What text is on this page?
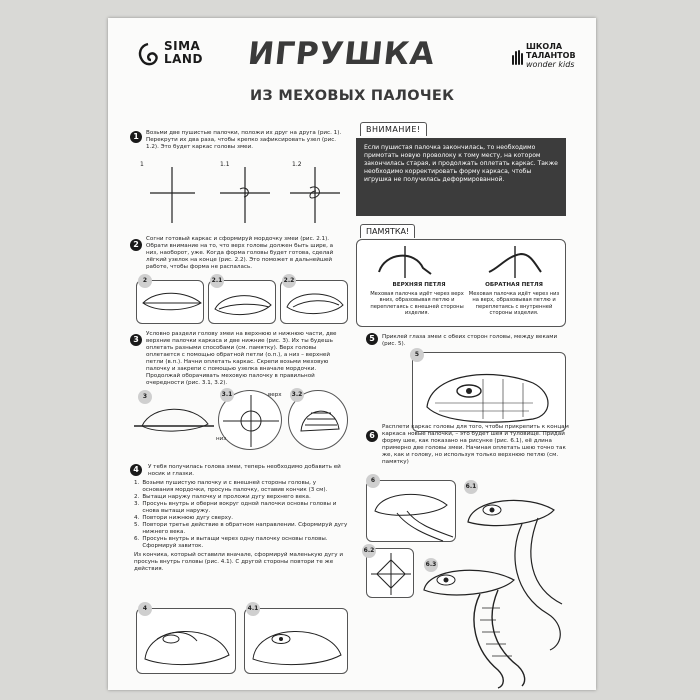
SIMA
LAND ИГРУШКА
ИЗ МЕХОВЫХ ПАЛОЧЕК
ШКОЛА
ТАЛАНТОВ
wonder kids
1	Возьми две пушистые палочки, положи их друг на друга (рис. 1). Перекрути их два раза, чтобы крепко зафиксировать узел (рис. 1.2). Это будет каркас головы змеи.
1	1.1	1.2
2
Согни готовый каркас и сформируй мордочку змеи (рис. 2.1). Обрати внимание на то, что верх головы должен быть шире, а низ, наоборот, уже. Когда форма головы будет готова, сделай лёгкий узелок на конце (рис. 2.2). Это поможет в дальнейшей работе, чтобы форма не распалась.
2	2.1	2.2
3
Условно раздели голову змеи на верхнюю и нижнюю части, две верхние палочки каркаса и две нижние (рис. 3). Их ты будешь оплетать разными способами (см. памятку). Верх головы оплетается с помощью обратной петли (о.п.), а низ – верхней петли (в.п.). Начни оплетать каркас. Скрепи возьми меховую палочку и закрепи с помощью узелка вначале мордочки. Продолжай оборачивать меховую палочку в правильной очередности (рис. 3.1, 3.2).
3	3.1	верх
низ
3.2
4	У тебя получилась голова змеи, теперь необходимо добавить ей носик и глазки.
1. Возьми пушистую палочку и с внешней стороны головы, у основания мордочки, просунь палочку, оставив кончик (3 см).
2. Вытащи наружу палочку и проложи дугу верхнего века.
3. Просунь внутрь и оберни вокруг одной палочки основы головы и снова вытащи наружу.
4. Повтори нижнюю дугу сверху.
5. Повтори третье действие в обратном направлении. Сформируй дугу нижнего века.
6. Просунь внутрь и вытащи через одну палочку основы головы. Сформируй завиток.
Из кончика, который оставили вначале, сформируй маленькую дугу и просунь внутрь головы (рис. 4.1). С другой стороны повтори те же действия.
4	4.1
ВНИМАНИЕ!
Если пушистая палочка закончилась, то необходимо примотать новую проволоку к тому месту, на котором закончилась старая, и продолжать оплетать каркас. Также необходимо корректировать форму каркаса, чтобы игрушка не получилась деформированной.
ПАМЯТКА!
ВЕРХНЯЯ ПЕТЛЯ
Меховая палочка идёт через верх вниз, образовывая петлю и переплетаясь с внешней стороны изделия.
ОБРАТНАЯ ПЕТЛЯ
Меховая палочка идёт через низ на верх, образовывая петлю и переплетаясь с внутренней стороны изделия.
5	Приклей глаза змеи с обеих сторон головы, между веками (рис. 5).
5
6
Расплети каркас головы для того, чтобы прикрепить к концам каркаса новые палочки, – это будет шея и туловище. Придай форму шее, как показано на рисунке (рис. 6.1), её длина примерно две головы змеи. Начиная оплетать шею точно так же, как и голову, но используя только верхнюю петлю (см. памятку)
6
6.1
6.2
6.3
